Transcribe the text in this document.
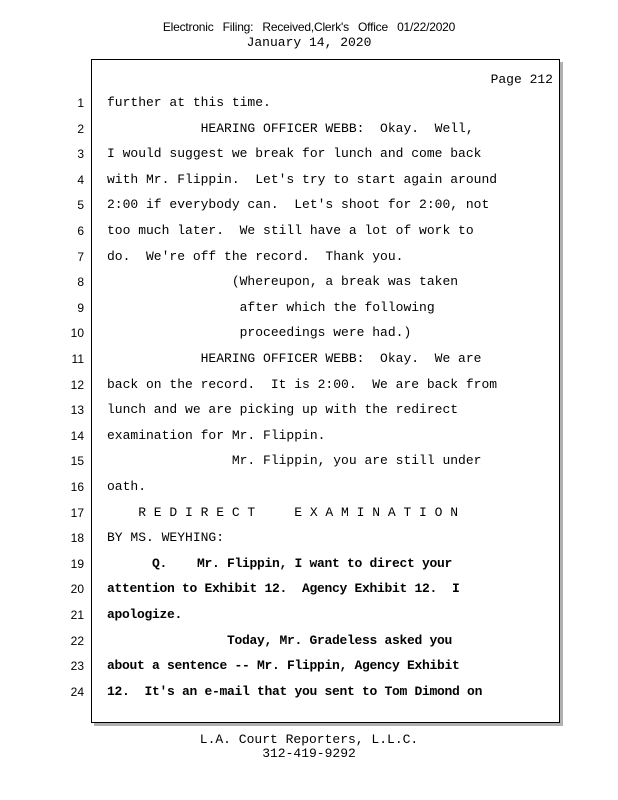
Electronic Filing: Received,Clerk's Office 01/22/2020
January 14, 2020
Page 212
1 further at this time.
2 HEARING OFFICER WEBB:  Okay.  Well,
3 I would suggest we break for lunch and come back
4 with Mr. Flippin.  Let's try to start again around
5 2:00 if everybody can.  Let's shoot for 2:00, not
6 too much later.  We still have a lot of work to
7 do.  We're off the record.  Thank you.
8 (Whereupon, a break was taken
9 after which the following
10 proceedings were had.)
11 HEARING OFFICER WEBB:  Okay.  We are
12 back on the record.  It is 2:00.  We are back from
13 lunch and we are picking up with the redirect
14 examination for Mr. Flippin.
15 Mr. Flippin, you are still under
16 oath.
17 R E D I R E C T     E X A M I N A T I O N
18 BY MS. WEYHING:
19 Q.    Mr. Flippin, I want to direct your
20 attention to Exhibit 12.  Agency Exhibit 12.  I
21 apologize.
22 Today, Mr. Gradeless asked you
23 about a sentence -- Mr. Flippin, Agency Exhibit
24 12.  It's an e-mail that you sent to Tom Dimond on
L.A. Court Reporters, L.L.C.
312-419-9292
